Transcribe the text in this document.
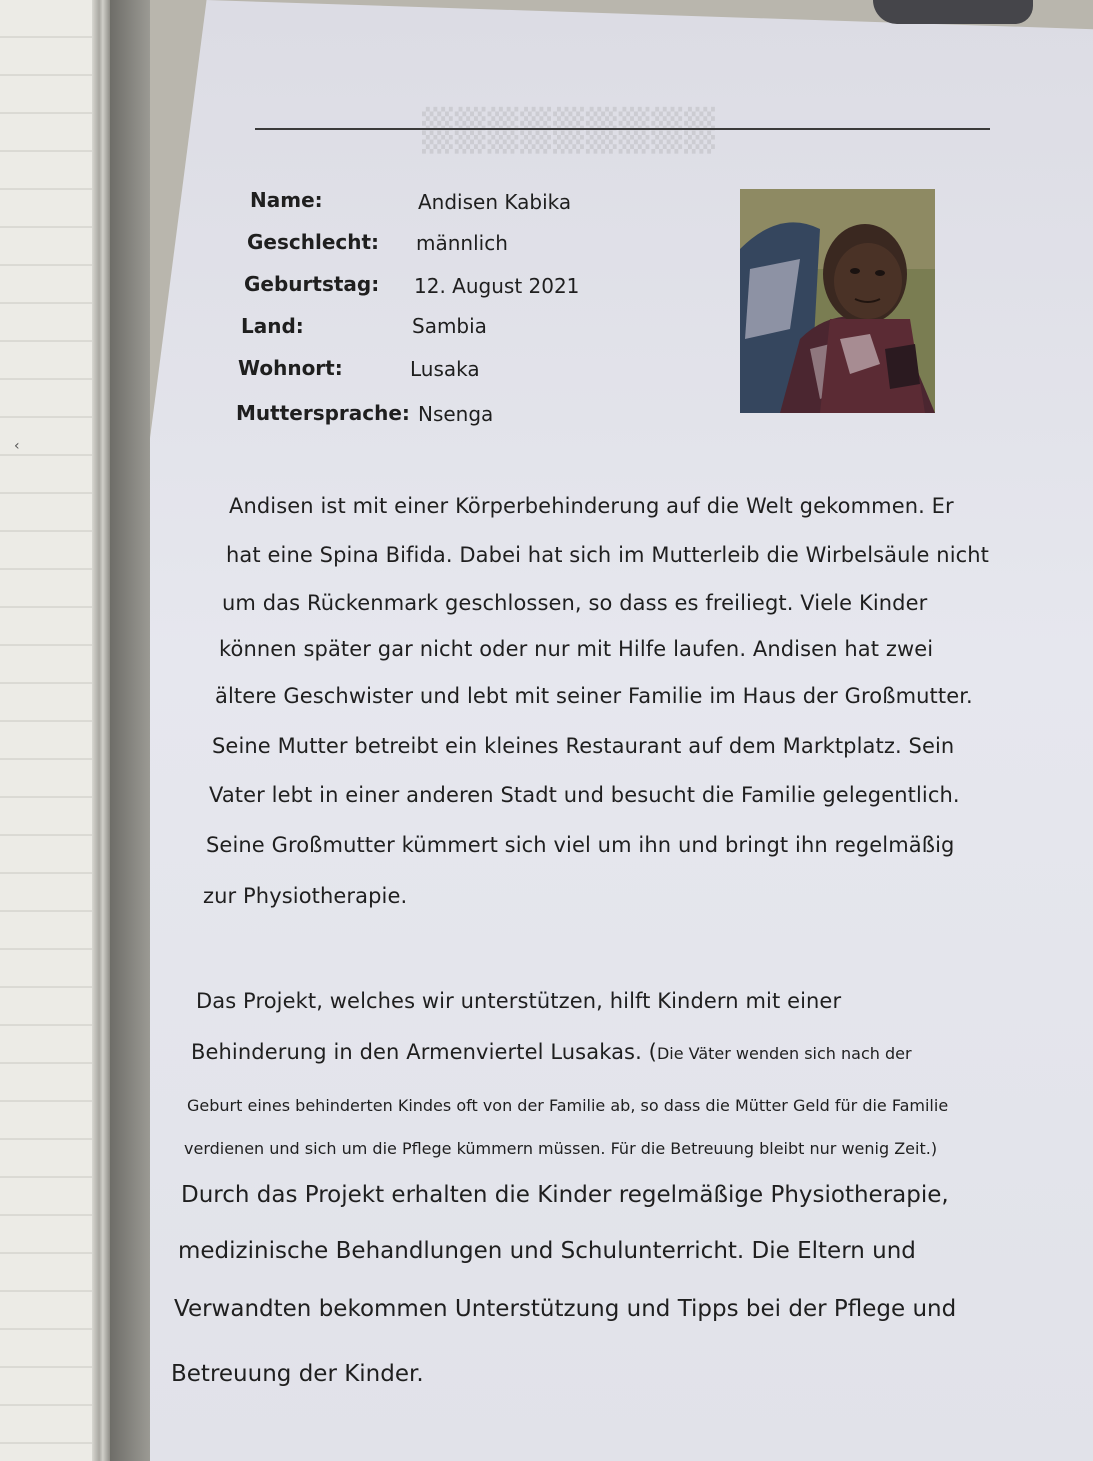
‹
▒▒▒▒▒▒▒▒▒
Name:	Andisen Kabika
Geschlecht: männlich
Geburtstag: 12. August 2021
Land:	Sambia
Wohnort:	Lusaka
Muttersprache: Nsenga
Andisen ist mit einer Körperbehinderung auf die Welt gekommen. Er
hat eine Spina Bifida. Dabei hat sich im Mutterleib die Wirbelsäule nicht
um das Rückenmark geschlossen, so dass es freiliegt. Viele Kinder
können später gar nicht oder nur mit Hilfe laufen. Andisen hat zwei
ältere Geschwister und lebt mit seiner Familie im Haus der Großmutter.
Seine Mutter betreibt ein kleines Restaurant auf dem Marktplatz. Sein
Vater lebt in einer anderen Stadt und besucht die Familie gelegentlich.
Seine Großmutter kümmert sich viel um ihn und bringt ihn regelmäßig
zur Physiotherapie.
Das Projekt, welches wir unterstützen, hilft Kindern mit einer
Behinderung in den Armenviertel Lusakas. (Die Väter wenden sich nach der
Geburt eines behinderten Kindes oft von der Familie ab, so dass die Mütter Geld für die Familie
verdienen und sich um die Pflege kümmern müssen. Für die Betreuung bleibt nur wenig Zeit.)
Durch das Projekt erhalten die Kinder regelmäßige Physiotherapie,
medizinische Behandlungen und Schulunterricht. Die Eltern und
Verwandten bekommen Unterstützung und Tipps bei der Pflege und
Betreuung der Kinder.
